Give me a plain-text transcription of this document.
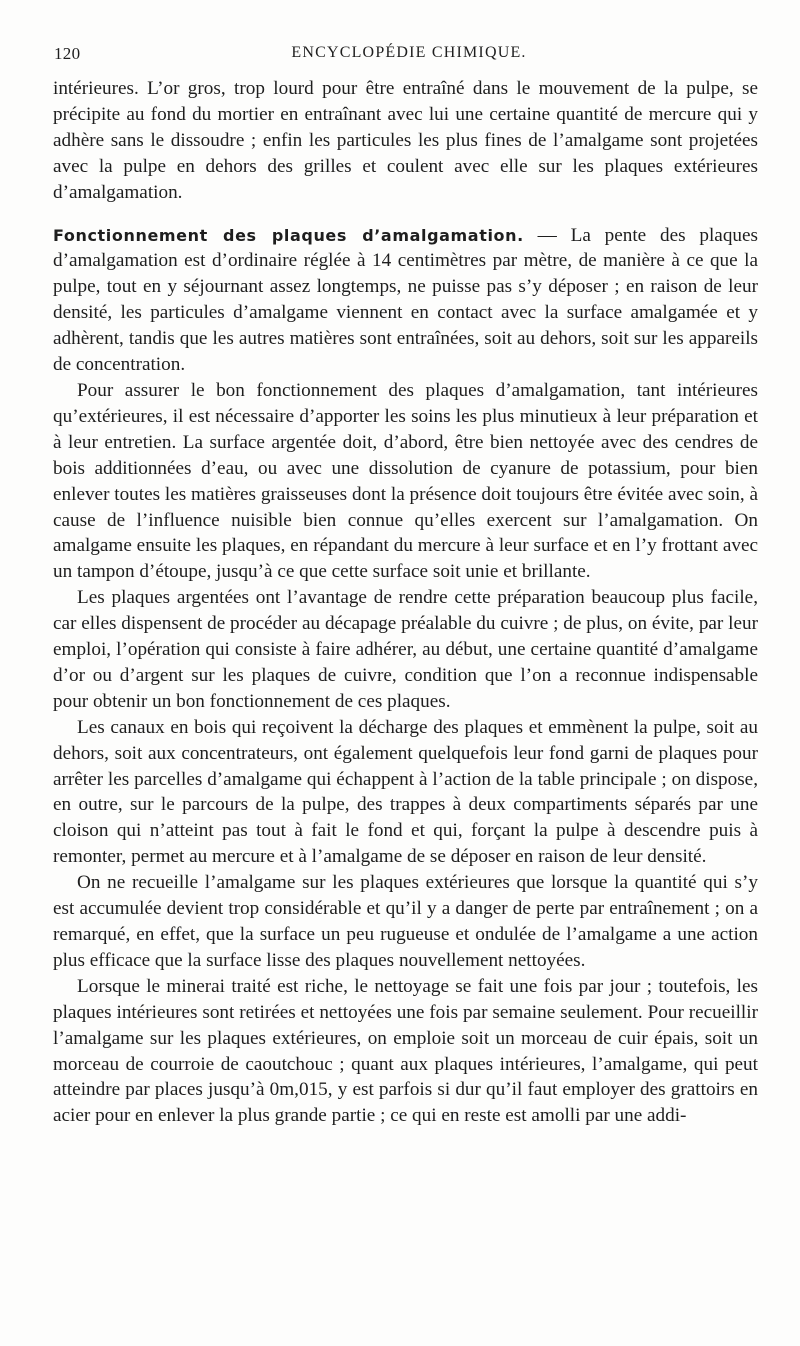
120	ENCYCLOPÉDIE CHIMIQUE.

intérieures. L’or gros, trop lourd pour être entraîné dans le mouvement de la pulpe, se précipite au fond du mortier en entraînant avec lui une certaine quantité de mercure qui y adhère sans le dissoudre ; enfin les particules les plus fines de l’amalgame sont projetées avec la pulpe en dehors des grilles et coulent avec elle sur les plaques extérieures d’amalgamation.

Fonctionnement des plaques d’amalgamation. — La pente des plaques d’amalgamation est d’ordinaire réglée à 14 centimètres par mètre, de manière à ce que la pulpe, tout en y séjournant assez longtemps, ne puisse pas s’y déposer ; en raison de leur densité, les particules d’amalgame viennent en contact avec la surface amalgamée et y adhèrent, tandis que les autres matières sont entraînées, soit au dehors, soit sur les appareils de concentration.

Pour assurer le bon fonctionnement des plaques d’amalgamation, tant intérieures qu’extérieures, il est nécessaire d’apporter les soins les plus minutieux à leur préparation et à leur entretien. La surface argentée doit, d’abord, être bien nettoyée avec des cendres de bois additionnées d’eau, ou avec une dissolution de cyanure de potassium, pour bien enlever toutes les matières graisseuses dont la présence doit toujours être évitée avec soin, à cause de l’influence nuisible bien connue qu’elles exercent sur l’amalgamation. On amalgame ensuite les plaques, en répandant du mercure à leur surface et en l’y frottant avec un tampon d’étoupe, jusqu’à ce que cette surface soit unie et brillante.

Les plaques argentées ont l’avantage de rendre cette préparation beaucoup plus facile, car elles dispensent de procéder au décapage préalable du cuivre ; de plus, on évite, par leur emploi, l’opération qui consiste à faire adhérer, au début, une certaine quantité d’amalgame d’or ou d’argent sur les plaques de cuivre, condition que l’on a reconnue indispensable pour obtenir un bon fonctionnement de ces plaques.

Les canaux en bois qui reçoivent la décharge des plaques et emmènent la pulpe, soit au dehors, soit aux concentrateurs, ont également quelquefois leur fond garni de plaques pour arrêter les parcelles d’amalgame qui échappent à l’action de la table principale ; on dispose, en outre, sur le parcours de la pulpe, des trappes à deux compartiments séparés par une cloison qui n’atteint pas tout à fait le fond et qui, forçant la pulpe à descendre puis à remonter, permet au mercure et à l’amalgame de se déposer en raison de leur densité.

On ne recueille l’amalgame sur les plaques extérieures que lorsque la quantité qui s’y est accumulée devient trop considérable et qu’il y a danger de perte par entraînement ; on a remarqué, en effet, que la surface un peu rugueuse et ondulée de l’amalgame a une action plus efficace que la surface lisse des plaques nouvellement nettoyées.

Lorsque le minerai traité est riche, le nettoyage se fait une fois par jour ; toutefois, les plaques intérieures sont retirées et nettoyées une fois par semaine seulement. Pour recueillir l’amalgame sur les plaques extérieures, on emploie soit un morceau de cuir épais, soit un morceau de courroie de caoutchouc ; quant aux plaques intérieures, l’amalgame, qui peut atteindre par places jusqu’à 0m,015, y est parfois si dur qu’il faut employer des grattoirs en acier pour en enlever la plus grande partie ; ce qui en reste est amolli par une addi-
